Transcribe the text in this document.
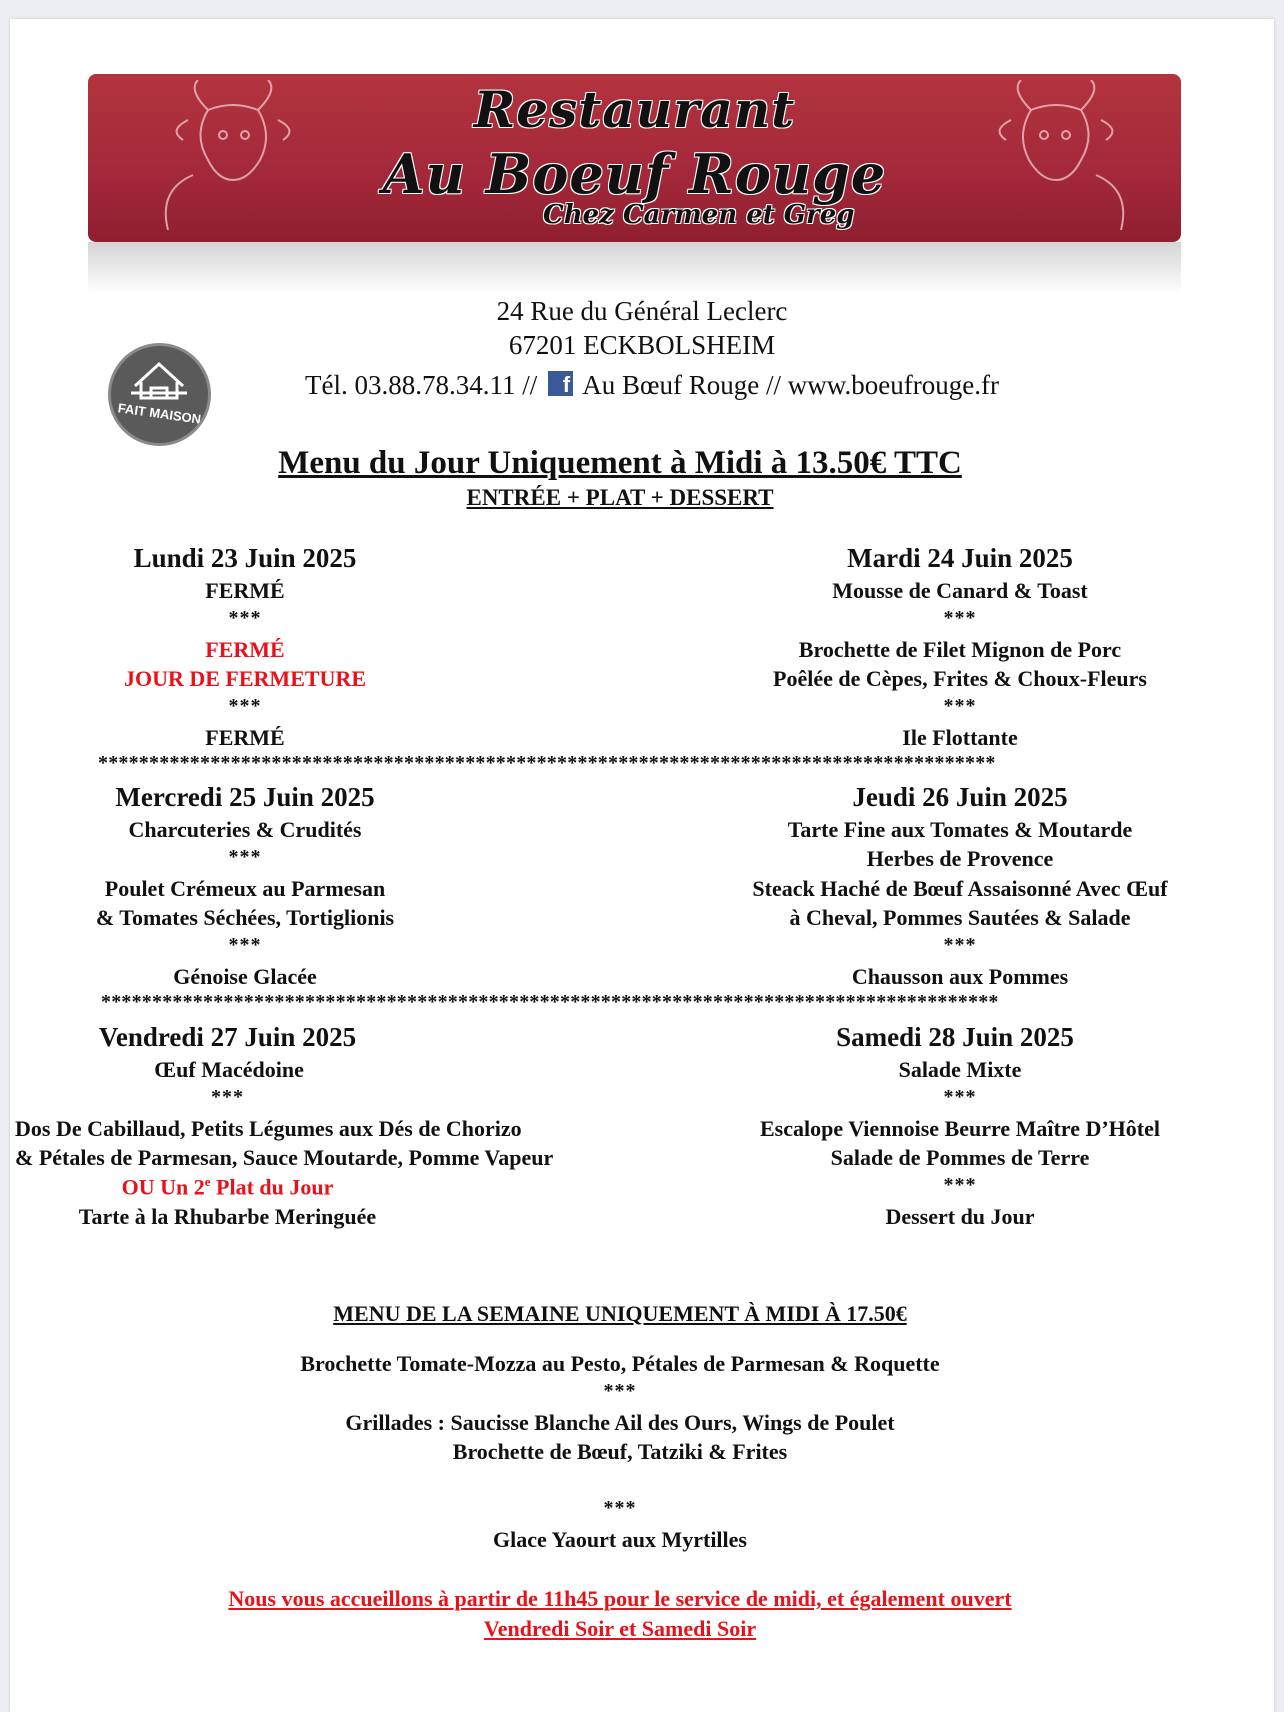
Restaurant
Au Boeuf Rouge
Chez Carmen et Greg
24 Rue du Général Leclerc
67201 ECKBOLSHEIM
Tél. 03.88.78.34.11 // f Au Bœuf Rouge // www.boeufrouge.fr
FAIT MAISON
Menu du Jour Uniquement à Midi à 13.50€ TTC
ENTRÉE + PLAT + DESSERT
Lundi 23 Juin 2025
FERMÉ
***
FERMÉ
JOUR DE FERMETURE
***
FERMÉ
Mardi 24 Juin 2025
Mousse de Canard & Toast
***
Brochette de Filet Mignon de Porc
Poêlée de Cèpes, Frites & Choux-Fleurs
***
Ile Flottante
****************************************************************************************
Mercredi 25 Juin 2025
Charcuteries & Crudités
***
Poulet Crémeux au Parmesan
& Tomates Séchées, Tortiglionis
***
Génoise Glacée
Jeudi 26 Juin 2025
Tarte Fine aux Tomates & Moutarde
Herbes de Provence
Steack Haché de Bœuf Assaisonné Avec Œuf
à Cheval, Pommes Sautées & Salade
***
Chausson aux Pommes
****************************************************************************************
Vendredi 27 Juin 2025
Œuf Macédoine
***
Dos De Cabillaud, Petits Légumes aux Dés de Chorizo
& Pétales de Parmesan, Sauce Moutarde, Pomme Vapeur
OU Un 2e Plat du Jour
Tarte à la Rhubarbe Meringuée
Samedi 28 Juin 2025
Salade Mixte
***
Escalope Viennoise Beurre Maître D’Hôtel
Salade de Pommes de Terre
***
Dessert du Jour
MENU DE LA SEMAINE UNIQUEMENT À MIDI À 17.50€
Brochette Tomate-Mozza au Pesto, Pétales de Parmesan & Roquette
***
Grillades : Saucisse Blanche Ail des Ours, Wings de Poulet
Brochette de Bœuf, Tatziki & Frites
***
Glace Yaourt aux Myrtilles
Nous vous accueillons à partir de 11h45 pour le service de midi, et également ouvert
Vendredi Soir et Samedi Soir
